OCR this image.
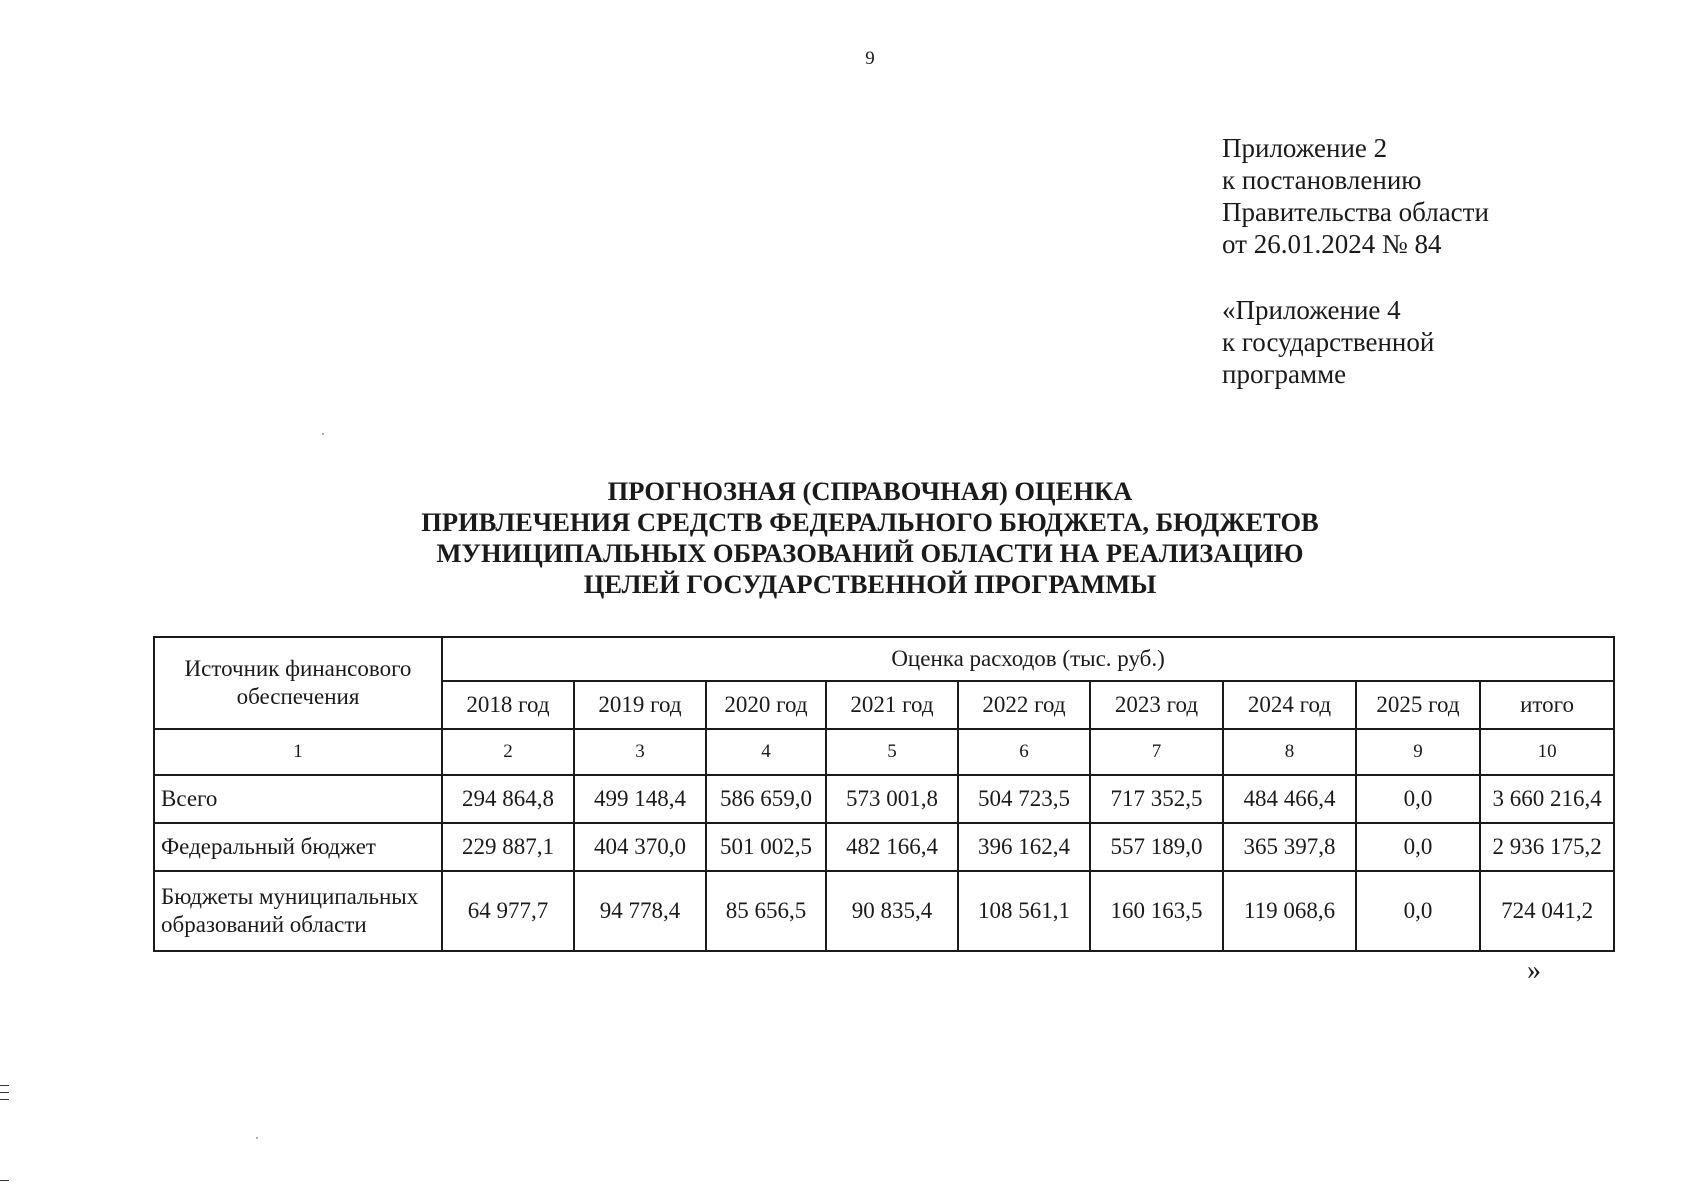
9
Приложение 2
к постановлению
Правительства области
от 26.01.2024 № 84
«Приложение 4
к государственной
программе
ПРОГНОЗНАЯ (СПРАВОЧНАЯ) ОЦЕНКА
ПРИВЛЕЧЕНИЯ СРЕДСТВ ФЕДЕРАЛЬНОГО БЮДЖЕТА, БЮДЖЕТОВ
МУНИЦИПАЛЬНЫХ ОБРАЗОВАНИЙ ОБЛАСТИ НА РЕАЛИЗАЦИЮ
ЦЕЛЕЙ ГОСУДАРСТВЕННОЙ ПРОГРАММЫ
Источник финансового обеспечения	Оценка расходов (тыс. руб.)								
	2018 год	2019 год	2020 год	2021 год	2022 год	2023 год	2024 год	2025 год	итого
1	2	3	4	5	6	7	8	9	10
Всего	294 864,8	499 148,4	586 659,0	573 001,8	504 723,5	717 352,5	484 466,4	0,0	3 660 216,4
Федеральный бюджет	229 887,1	404 370,0	501 002,5	482 166,4	396 162,4	557 189,0	365 397,8	0,0	2 936 175,2
Бюджеты муниципальных образований области	64 977,7	94 778,4	85 656,5	90 835,4	108 561,1	160 163,5	119 068,6	0,0	724 041,2
»
